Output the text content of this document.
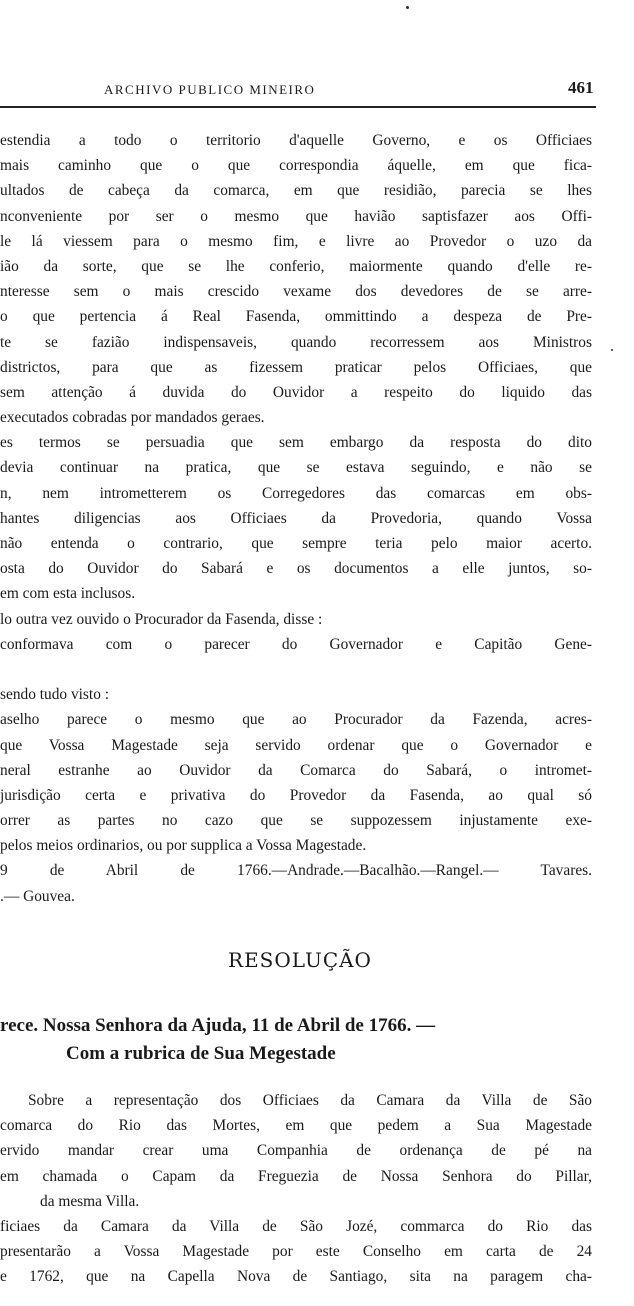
ARCHIVO PUBLICO MINEIRO	461
estendia a todo o territorio d'aquelle Governo, e os Officiaes
mais caminho que o que correspondia áquelle, em que fica-
ultados de cabeça da comarca, em que residião, parecia se lhes
nconveniente por ser o mesmo que havião saptisfazer aos Offi-
le lá viessem para o mesmo fim, e livre ao Provedor o uzo da
ião da sorte, que se lhe conferio, maiormente quando d'elle re-
nteresse sem o mais crescido vexame dos devedores de se arre-
o que pertencia á Real Fasenda, ommittindo a despeza de Pre-
te se fazião indispensaveis, quando recorressem aos Ministros
districtos, para que as fizessem praticar pelos Officiaes, que
sem attenção á duvida do Ouvidor a respeito do liquido das
executados cobradas por mandados geraes.
es termos se persuadia que sem embargo da resposta do dito
devia continuar na pratica, que se estava seguindo, e não se
n, nem intrometterem os Corregedores das comarcas em obs-
hantes diligencias aos Officiaes da Provedoria, quando Vossa
não entenda o contrario, que sempre teria pelo maior acerto.
osta do Ouvidor do Sabará e os documentos a elle juntos, so-
em com esta inclusos.
lo outra vez ouvido o Procurador da Fasenda, disse :
conformava com o parecer do Governador e Capitão Gene-
sendo tudo visto :
aselho parece o mesmo que ao Procurador da Fazenda, acres-
que Vossa Magestade seja servido ordenar que o Governador e
neral estranhe ao Ouvidor da Comarca do Sabará, o intromet-
jurisdição certa e privativa do Provedor da Fasenda, ao qual só
orrer as partes no cazo que se suppozessem injustamente exe-
pelos meios ordinarios, ou por supplica a Vossa Magestade.
9 de Abril de 1766.—Andrade.—Bacalhão.—Rangel.— Tavares.
.— Gouvea.
RESOLUÇÃO
rece. Nossa Senhora da Ajuda, 11 de Abril de 1766. —
Com a rubrica de Sua Megestade
Sobre a representação dos Officiaes da Camara da Villa de São
comarca do Rio das Mortes, em que pedem a Sua Magestade
ervido mandar crear uma Companhia de ordenança de pé na
em chamada o Capam da Freguezia de Nossa Senhora do Pillar,
da mesma Villa.
ficiaes da Camara da Villa de São Jozé, commarca do Rio das
presentarão a Vossa Magestade por este Conselho em carta de 24
e 1762, que na Capella Nova de Santiago, sita na paragem cha-
